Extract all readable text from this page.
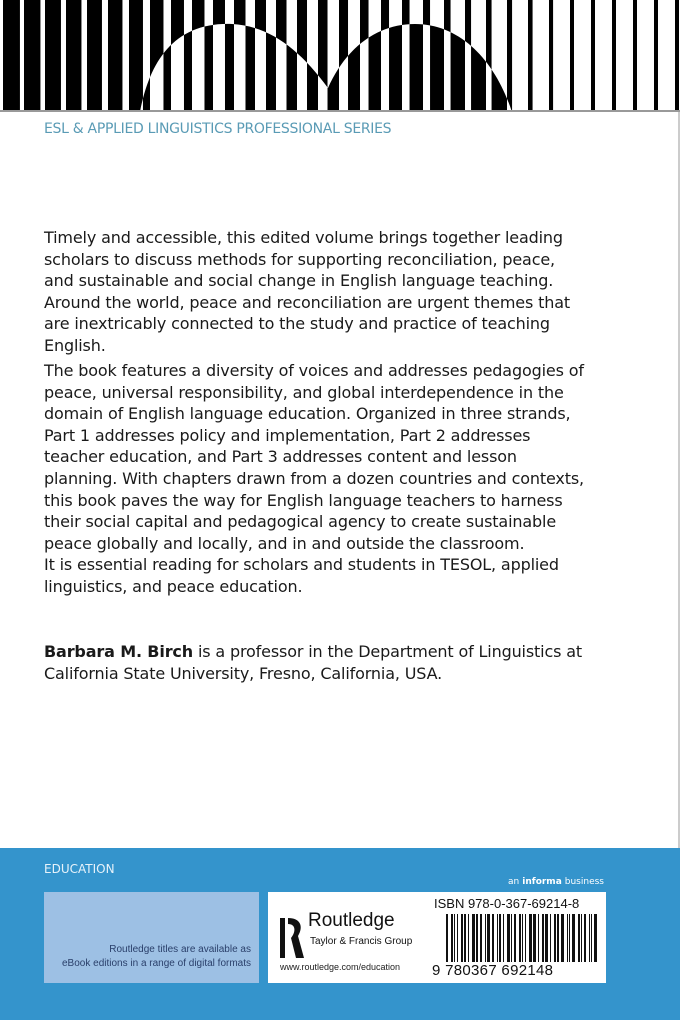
ESL & APPLIED LINGUISTICS PROFESSIONAL SERIES
Timely and accessible, this edited volume brings together leading
scholars to discuss methods for supporting reconciliation, peace,
and sustainable and social change in English language teaching.
Around the world, peace and reconciliation are urgent themes that
are inextricably connected to the study and practice of teaching
English.
The book features a diversity of voices and addresses pedagogies of
peace, universal responsibility, and global interdependence in the
domain of English language education. Organized in three strands,
Part 1 addresses policy and implementation, Part 2 addresses
teacher education, and Part 3 addresses content and lesson
planning. With chapters drawn from a dozen countries and contexts,
this book paves the way for English language teachers to harness
their social capital and pedagogical agency to create sustainable
peace globally and locally, and in and outside the classroom.
It is essential reading for scholars and students in TESOL, applied
linguistics, and peace education.
Barbara M. Birch is a professor in the Department of Linguistics at
California State University, Fresno, California, USA.
EDUCATION
aninformabusiness
Routledge titles are available as
eBook editions in a range of digital formats
Routledge
Taylor & Francis Group
www.routledge.com/education
ISBN 978-0-367-69214-8
9 780367 692148
